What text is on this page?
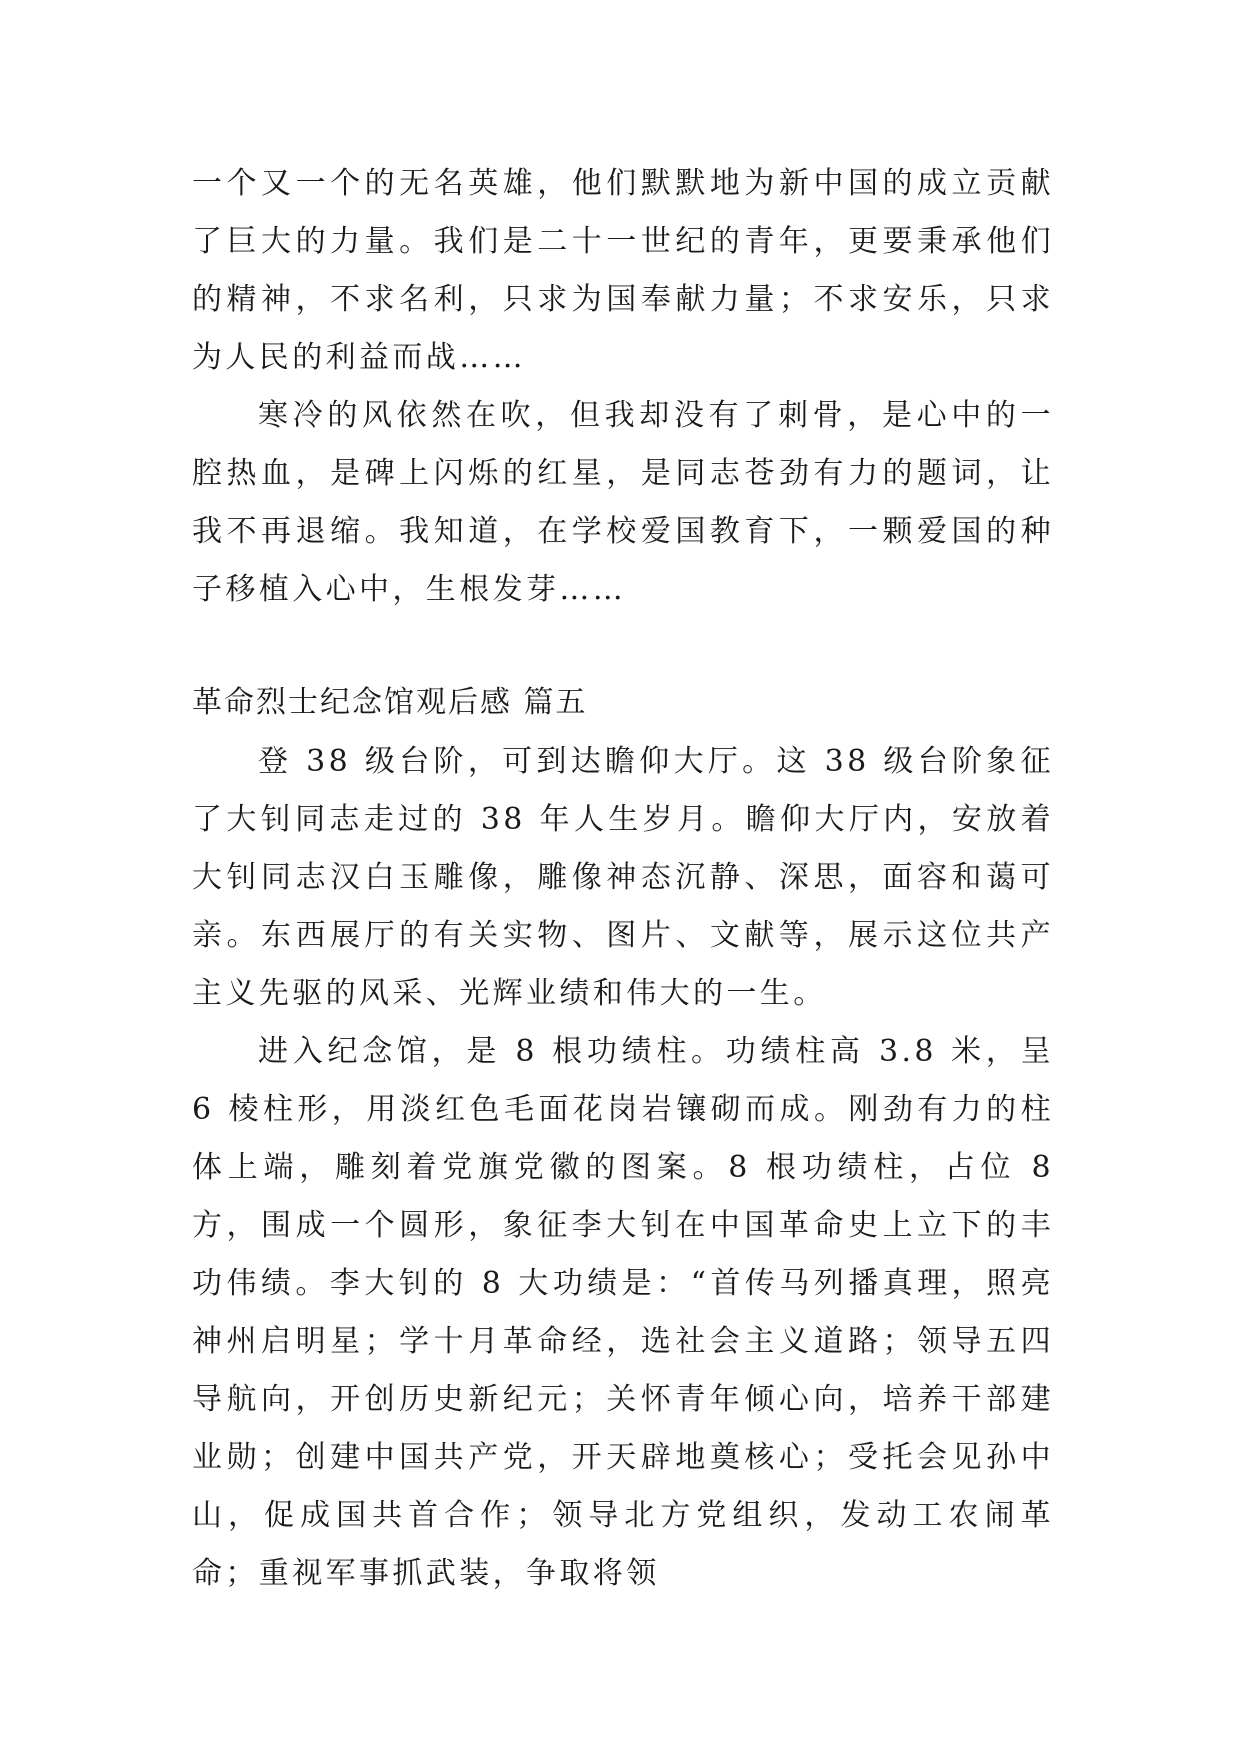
一个又一个的无名英雄，他们默默地为新中国的成立贡献了巨大的力量。我们是二十一世纪的青年，更要秉承他们的精神，不求名利，只求为国奉献力量；不求安乐，只求为人民的利益而战……

寒冷的风依然在吹，但我却没有了刺骨，是心中的一腔热血，是碑上闪烁的红星，是同志苍劲有力的题词，让我不再退缩。我知道，在学校爱国教育下，一颗爱国的种子移植入心中，生根发芽……

革命烈士纪念馆观后感 篇五

登 38 级台阶，可到达瞻仰大厅。这 38 级台阶象征了大钊同志走过的 38 年人生岁月。瞻仰大厅内，安放着大钊同志汉白玉雕像，雕像神态沉静、深思，面容和蔼可亲。东西展厅的有关实物、图片、文献等，展示这位共产主义先驱的风采、光辉业绩和伟大的一生。

进入纪念馆，是 8 根功绩柱。功绩柱高 3.8 米，呈 6 棱柱形，用淡红色毛面花岗岩镶砌而成。刚劲有力的柱体上端，雕刻着党旗党徽的图案。8 根功绩柱，占位 8 方，围成一个圆形，象征李大钊在中国革命史上立下的丰功伟绩。李大钊的 8 大功绩是：“首传马列播真理，照亮神州启明星；学十月革命经，选社会主义道路；领导五四导航向，开创历史新纪元；关怀青年倾心向，培养干部建业勋；创建中国共产党，开天辟地奠核心；受托会见孙中山，促成国共首合作；领导北方党组织，发动工农闹革命；重视军事抓武装，争取将领
